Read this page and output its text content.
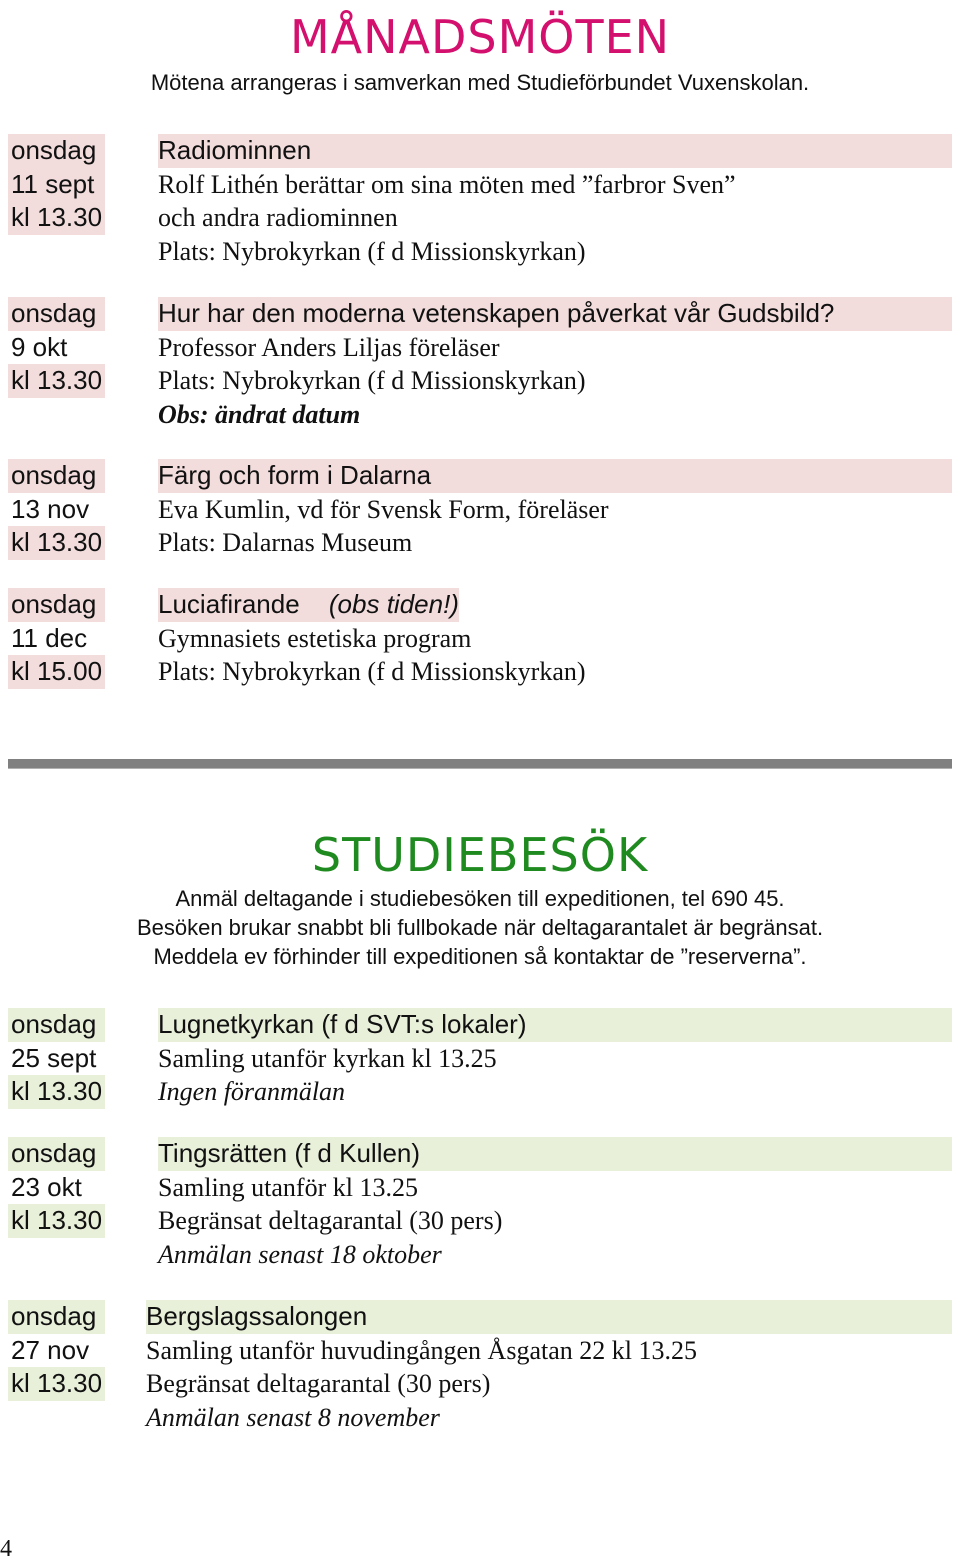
MÅNADSMÖTEN

Mötena arrangeras i samverkan med Studieförbundet Vuxenskolan.

onsdag
11 sept
kl 13.30
Radiominnen
Rolf Lithén berättar om sina möten med ”farbror Sven”
och andra radiominnen
Plats: Nybrokyrkan (f d Missionskyrkan)
onsdag
9 okt
kl 13.30
Hur har den moderna vetenskapen påverkat vår Gudsbild?
Professor Anders Liljas föreläser
Plats: Nybrokyrkan (f d Missionskyrkan)
Obs: ändrat datum
onsdag
13 nov
kl 13.30
Färg och form i Dalarna
Eva Kumlin, vd för Svensk Form, föreläser
Plats: Dalarnas Museum
onsdag
11 dec
kl 15.00
Luciafirande (obs tiden!)
Gymnasiets estetiska program
Plats: Nybrokyrkan (f d Missionskyrkan)
STUDIEBESÖK

Anmäl deltagande i studiebesöken till expeditionen, tel 690 45.

Besöken brukar snabbt bli fullbokade när deltagarantalet är begränsat.

Meddela ev förhinder till expeditionen så kontaktar de ”reserverna”.

onsdag
25 sept
kl 13.30
Lugnetkyrkan (f d SVT:s lokaler)
Samling utanför kyrkan kl 13.25
Ingen föranmälan
onsdag
23 okt
kl 13.30
Tingsrätten (f d Kullen)
Samling utanför kl 13.25
Begränsat deltagarantal (30 pers)
Anmälan senast 18 oktober
onsdag
27 nov
kl 13.30
Bergslagssalongen
Samling utanför huvudingången Åsgatan 22 kl 13.25
Begränsat deltagarantal (30 pers)
Anmälan senast 8 november
4
